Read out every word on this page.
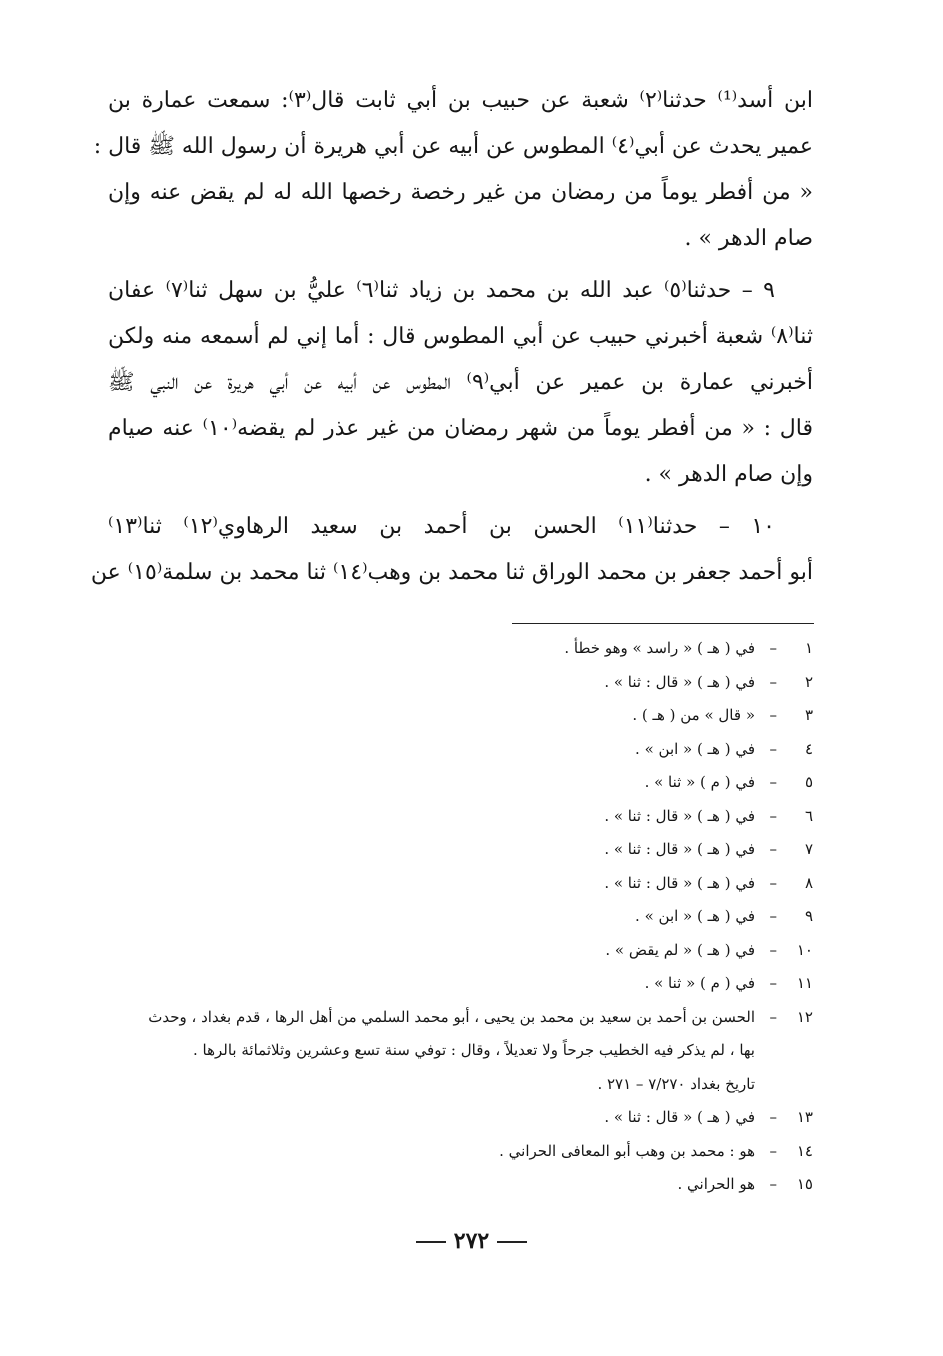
ابن أسد⁽¹⁾ حدثنا⁽٢⁾ شعبة عن حبيب بن أبي ثابت قال⁽٣⁾: سمعت عمارة بن
عمير يحدث عن أبي⁽٤⁾ المطوس عن أبيه عن أبي هريرة أن رسول الله ﷺ قال :
« من أفطر يوماً من رمضان من غير رخصة رخصها الله له لم يقض عنه وإن
صام الدهر » .
٩ – حدثنا⁽٥⁾ عبد الله بن محمد بن زياد ثنا⁽٦⁾ عليُّ بن سهل ثنا⁽٧⁾ عفان
ثنا⁽٨⁾ شعبة أخبرني حبيب عن أبي المطوس قال : أما إني لم أسمعه منه ولكن
أخبرني عمارة بن عمير عن أبي⁽٩⁾ المطوس عن أبيه عن أبي هريرة عن النبي ﷺ
قال : « من أفطر يوماً من شهر رمضان من غير عذر لم يقضه⁽١٠⁾ عنه صيام
وإن صام الدهر » .
١٠ – حدثنا⁽١١⁾ الحسن بن أحمد بن سعيد الرهاوي⁽١٢⁾ ثنا⁽١٣⁾
أبو أحمد جعفر بن محمد الوراق ثنا محمد بن وهب⁽١٤⁾ ثنا محمد بن سلمة⁽١٥⁾ عن
١
–
في ( هـ ) « راسد » وهو خطأ .
٢
–
في ( هـ ) « قال : ثنا » .
٣
–
« قال » من ( هـ ) .
٤
–
في ( هـ ) « ابن » .
٥
–
في ( م ) « ثنا » .
٦
–
في ( هـ ) « قال : ثنا » .
٧
–
في ( هـ ) « قال : ثنا » .
٨
–
في ( هـ ) « قال : ثنا » .
٩
–
في ( هـ ) « ابن » .
١٠
–
في ( هـ ) « لم يقض » .
١١
–
في ( م ) « ثنا » .
١٢
–
الحسن بن أحمد بن سعيد بن محمد بن يحيى ، أبو محمد السلمي من أهل الرها ، قدم بغداد ، وحدث
بها ، لم يذكر فيه الخطيب جرحاً ولا تعديلاً ، وقال : توفي سنة تسع وعشرين وثلاثمائة بالرها .
تاريخ بغداد ٧/٢٧٠ – ٢٧١ .
١٣
–
في ( هـ ) « قال : ثنا » .
١٤
–
هو : محمد بن وهب أبو المعافى الحراني .
١٥
–
هو الحراني .
٢٧٢
